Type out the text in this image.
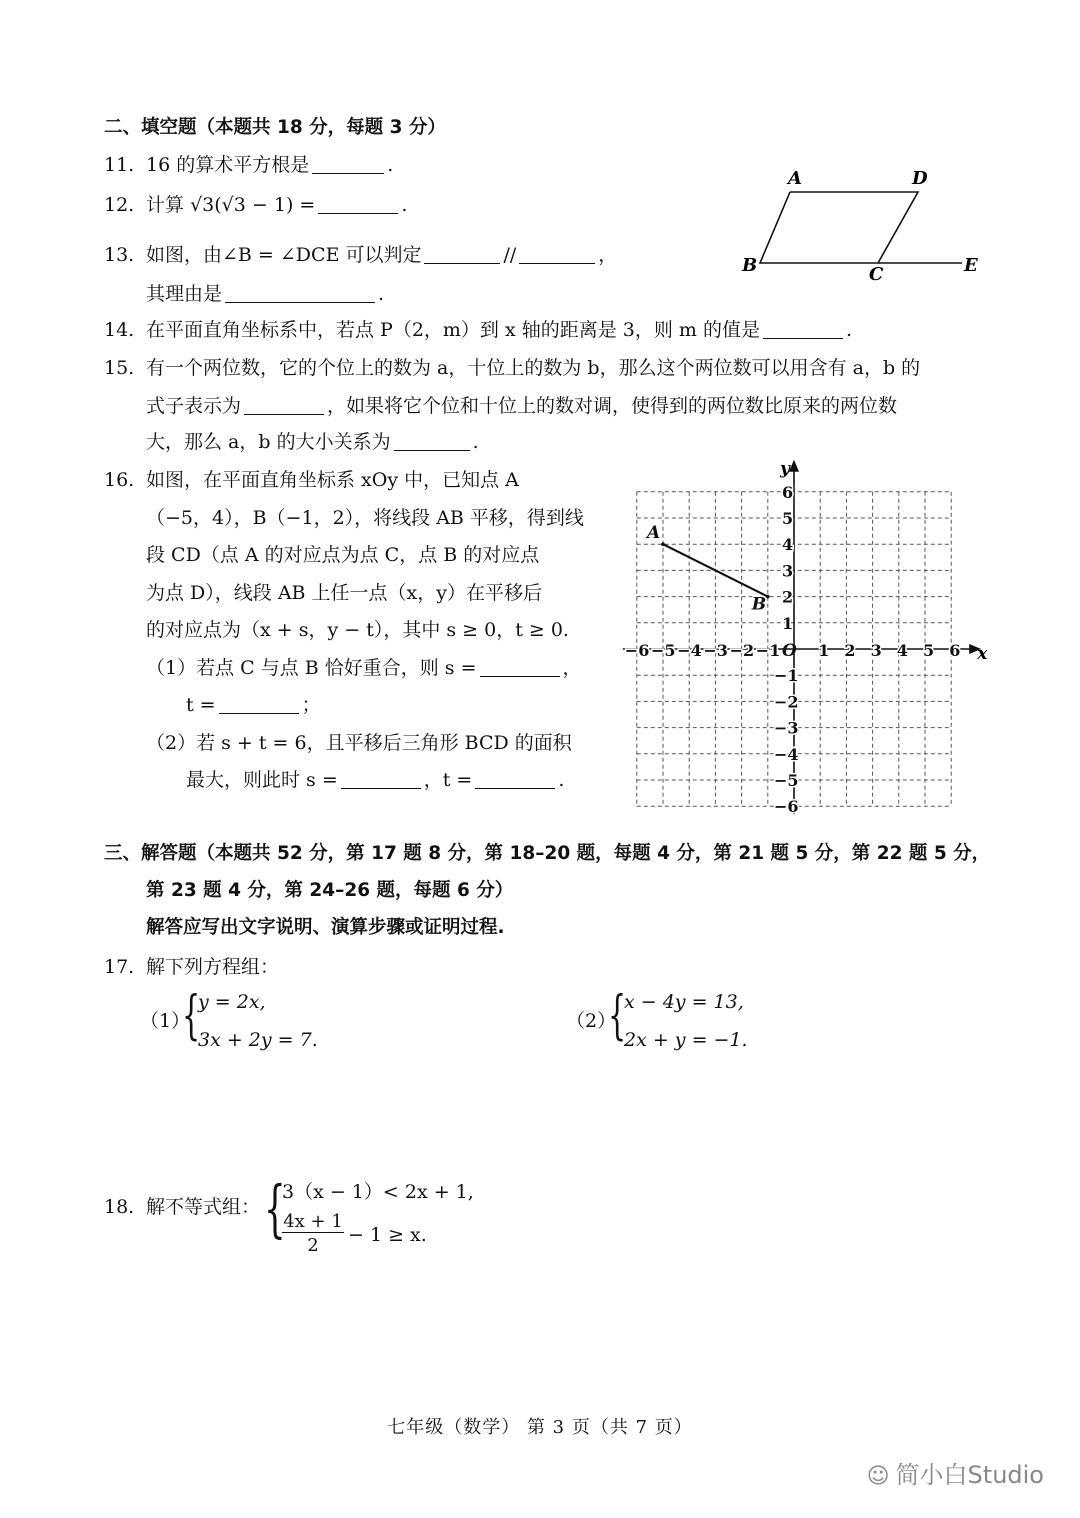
二、填空题（本题共 18 分，每题 3 分）
11. 16 的算术平方根是	.
12. 计算 √3(√3 − 1) =	.
13. 如图，由∠B = ∠DCE 可以判定	//	，
其理由是	.
A	D
B	C	E
14. 在平面直角坐标系中，若点 P（2，m）到 x 轴的距离是 3，则 m 的值是	.
15. 有一个两位数，它的个位上的数为 a，十位上的数为 b，那么这个两位数可以用含有 a，b 的
式子表示为	，如果将它个位和十位上的数对调，使得到的两位数比原来的两位数
大，那么 a，b 的大小关系为	.
16. 如图，在平面直角坐标系 xOy 中，已知点 A
（−5，4），B（−1，2），将线段 AB 平移，得到线
段 CD（点 A 的对应点为点 C，点 B 的对应点
为点 D），线段 AB 上任一点（x，y）在平移后
的对应点为（x + s，y − t），其中 s ≥ 0，t ≥ 0.
（1）若点 C 与点 B 恰好重合，则 s =	，
t =	；
（2）若 s + t = 6，且平移后三角形 BCD 的面积
最大，则此时 s =	，t =	.
x
y
O
−6 −5 −4 −3 −2 −1 1 2 3 4 5 6
6
5
4
3
2
1
−1
−2
−3
−4
−5
−6
A
B
三、解答题（本题共 52 分，第 17 题 8 分，第 18–20 题，每题 4 分，第 21 题 5 分，第 22 题 5 分，
第 23 题 4 分，第 24–26 题，每题 6 分）
解答应写出文字说明、演算步骤或证明过程.
17. 解下列方程组：
（1）
{
y = 2x,
3x + 2y = 7.
（2）
{
x − 4y = 13,
2x + y = −1.
18. 解不等式组： {
3（x − 1）< 2x + 1,
4x + 1
2	− 1 ≥ x.
七年级（数学） 第 3 页（共 7 页）
☺ 简小白Studio
